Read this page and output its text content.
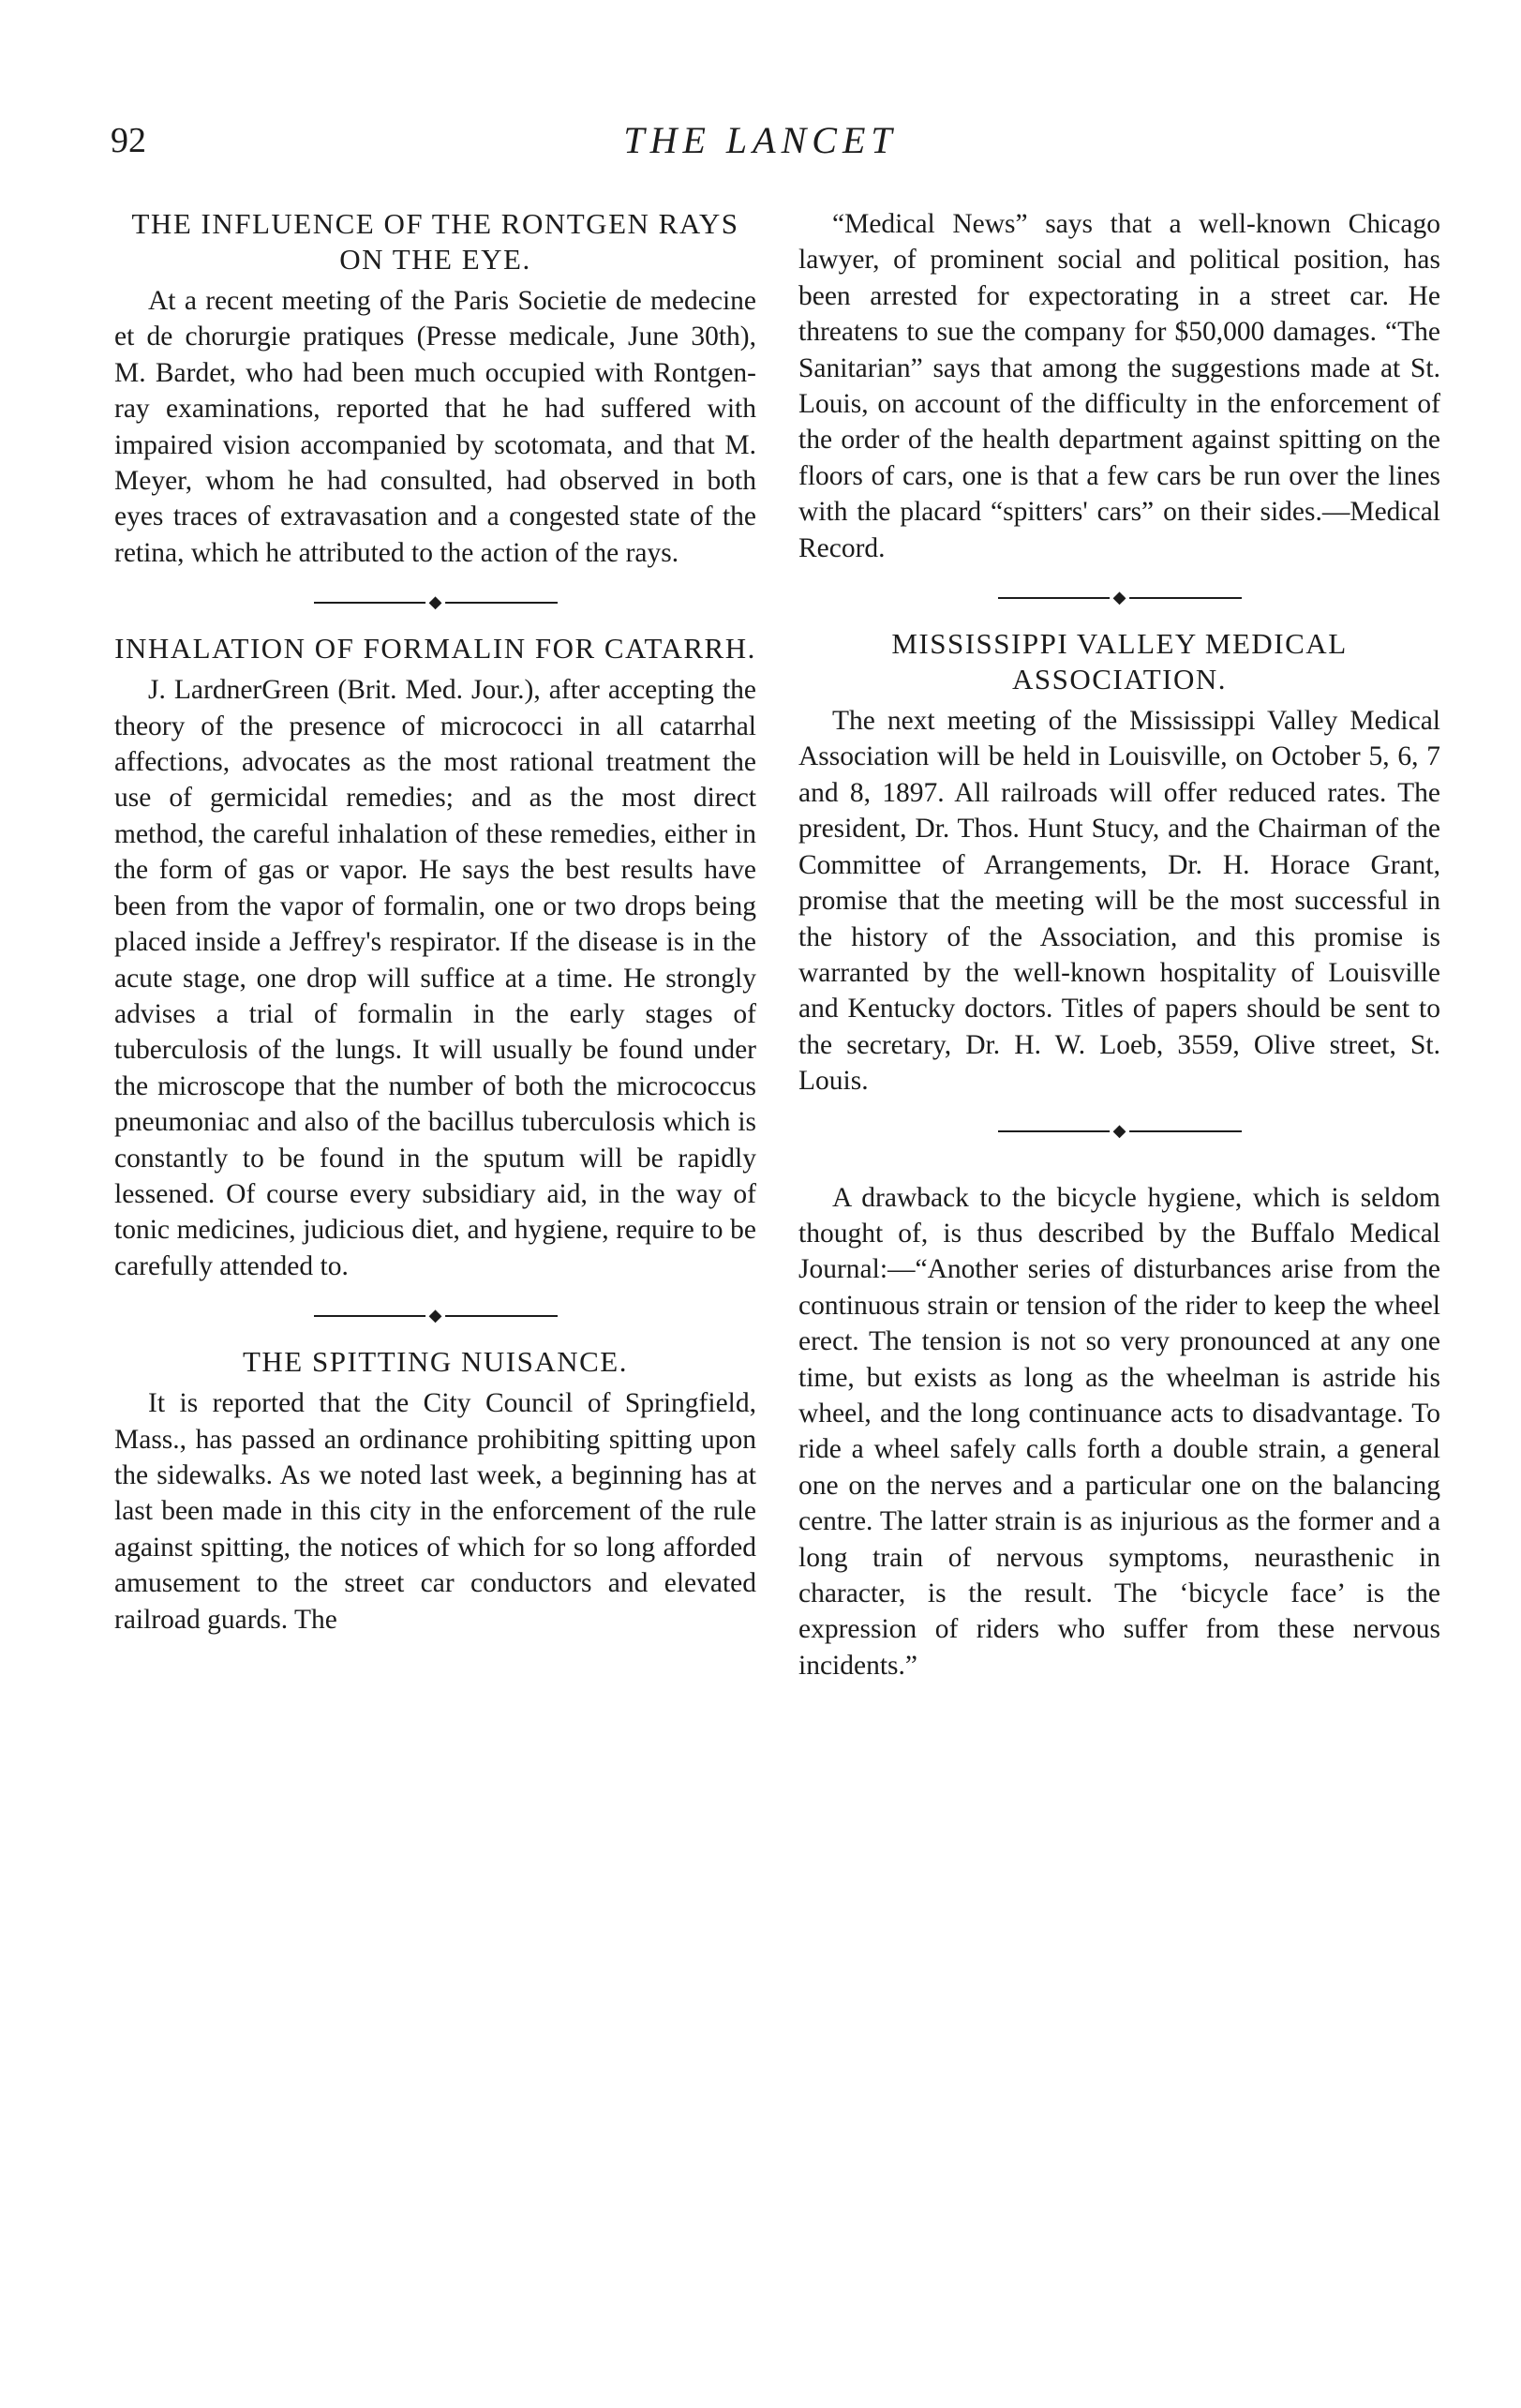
92	THE LANCET
THE INFLUENCE OF THE RONTGEN RAYS ON THE EYE.

At a recent meeting of the Paris Societie de medecine et de chorurgie pratiques (Presse medicale, June 30th), M. Bardet, who had been much occupied with Rontgen-ray examinations, reported that he had suffered with impaired vision accompanied by scotomata, and that M. Meyer, whom he had consulted, had observed in both eyes traces of extravasation and a congested state of the retina, which he attributed to the action of the rays.

◆
INHALATION OF FORMALIN FOR CATARRH.

J. LardnerGreen (Brit. Med. Jour.), after accepting the theory of the presence of micrococci in all catarrhal affections, advocates as the most rational treatment the use of germicidal remedies; and as the most direct method, the careful inhalation of these remedies, either in the form of gas or vapor. He says the best results have been from the vapor of formalin, one or two drops being placed inside a Jeffrey's respirator. If the disease is in the acute stage, one drop will suffice at a time. He strongly advises a trial of formalin in the early stages of tuberculosis of the lungs. It will usually be found under the microscope that the number of both the micrococcus pneumoniac and also of the bacillus tuberculosis which is constantly to be found in the sputum will be rapidly lessened. Of course every subsidiary aid, in the way of tonic medicines, judicious diet, and hygiene, require to be carefully attended to.

◆
THE SPITTING NUISANCE.

It is reported that the City Council of Springfield, Mass., has passed an ordinance prohibiting spitting upon the sidewalks. As we noted last week, a beginning has at last been made in this city in the enforcement of the rule against spitting, the notices of which for so long afforded amusement to the street car conductors and elevated railroad guards. The

“Medical News” says that a well-known Chicago lawyer, of prominent social and political position, has been arrested for expectorating in a street car. He threatens to sue the company for $50,000 damages. “The Sanitarian” says that among the suggestions made at St. Louis, on account of the difficulty in the enforcement of the order of the health department against spitting on the floors of cars, one is that a few cars be run over the lines with the placard “spitters' cars” on their sides.—Medical Record.

◆
MISSISSIPPI VALLEY MEDICAL ASSOCIATION.

The next meeting of the Mississippi Valley Medical Association will be held in Louisville, on October 5, 6, 7 and 8, 1897. All railroads will offer reduced rates. The president, Dr. Thos. Hunt Stucy, and the Chairman of the Committee of Arrangements, Dr. H. Horace Grant, promise that the meeting will be the most successful in the history of the Association, and this promise is warranted by the well-known hospitality of Louisville and Kentucky doctors. Titles of papers should be sent to the secretary, Dr. H. W. Loeb, 3559, Olive street, St. Louis.

◆

A drawback to the bicycle hygiene, which is seldom thought of, is thus described by the Buffalo Medical Journal:—“Another series of disturbances arise from the continuous strain or tension of the rider to keep the wheel erect. The tension is not so very pronounced at any one time, but exists as long as the wheelman is astride his wheel, and the long continuance acts to disadvantage. To ride a wheel safely calls forth a double strain, a general one on the nerves and a particular one on the balancing centre. The latter strain is as injurious as the former and a long train of nervous symptoms, neurasthenic in character, is the result. The ‘bicycle face’ is the expression of riders who suffer from these nervous incidents.”
